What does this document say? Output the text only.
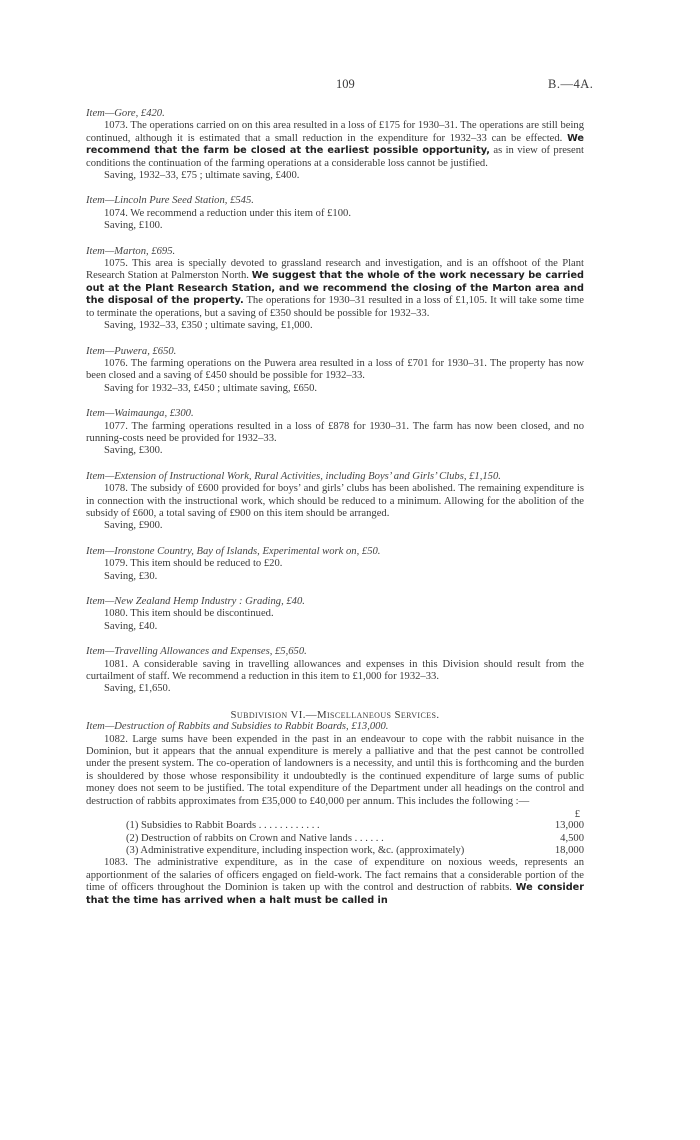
109	B.—4A.

Item—Gore, £420.

1073. The operations carried on on this area resulted in a loss of £175 for 1930–31. The operations are still being continued, although it is estimated that a small reduction in the expenditure for 1932–33 can be effected. We recommend that the farm be closed at the earliest possible opportunity, as in view of present conditions the continuation of the farming operations at a considerable loss cannot be justified.

Saving, 1932–33, £75 ; ultimate saving, £400.

Item—Lincoln Pure Seed Station, £545.

1074. We recommend a reduction under this item of £100.

Saving, £100.

Item—Marton, £695.

1075. This area is specially devoted to grassland research and investigation, and is an offshoot of the Plant Research Station at Palmerston North. We suggest that the whole of the work necessary be carried out at the Plant Research Station, and we recommend the closing of the Marton area and the disposal of the property. The operations for 1930–31 resulted in a loss of £1,105. It will take some time to terminate the operations, but a saving of £350 should be possible for 1932–33.

Saving, 1932–33, £350 ; ultimate saving, £1,000.

Item—Puwera, £650.

1076. The farming operations on the Puwera area resulted in a loss of £701 for 1930–31. The property has now been closed and a saving of £450 should be possible for 1932–33.

Saving for 1932–33, £450 ; ultimate saving, £650.

Item—Waimaunga, £300.

1077. The farming operations resulted in a loss of £878 for 1930–31. The farm has now been closed, and no running-costs need be provided for 1932–33.

Saving, £300.

Item—Extension of Instructional Work, Rural Activities, including Boys’ and Girls’ Clubs, £1,150.

1078. The subsidy of £600 provided for boys’ and girls’ clubs has been abolished. The remaining expenditure is in connection with the instructional work, which should be reduced to a minimum. Allowing for the abolition of the subsidy of £600, a total saving of £900 on this item should be arranged.

Saving, £900.

Item—Ironstone Country, Bay of Islands, Experimental work on, £50.

1079. This item should be reduced to £20.

Saving, £30.

Item—New Zealand Hemp Industry : Grading, £40.

1080. This item should be discontinued.

Saving, £40.

Item—Travelling Allowances and Expenses, £5,650.

1081. A considerable saving in travelling allowances and expenses in this Division should result from the curtailment of staff. We recommend a reduction in this item to £1,000 for 1932–33.

Saving, £1,650.

Subdivision VI.—Miscellaneous Services.

Item—Destruction of Rabbits and Subsidies to Rabbit Boards, £13,000.

1082. Large sums have been expended in the past in an endeavour to cope with the rabbit nuisance in the Dominion, but it appears that the annual expenditure is merely a palliative and that the pest cannot be controlled under the present system. The co-operation of landowners is a necessity, and until this is forthcoming and the burden is shouldered by those whose responsibility it undoubtedly is the continued expenditure of large sums of public money does not seem to be justified. The total expenditure of the Department under all headings on the control and destruction of rabbits approximates from £35,000 to £40,000 per annum. This includes the following :—

£
(1) Subsidies to Rabbit Boards . . . . . . . . . . . .	13,000
(2) Destruction of rabbits on Crown and Native lands . . . . . .	4,500
(3) Administrative expenditure, including inspection work, &c. (approximately)	18,000

1083. The administrative expenditure, as in the case of expenditure on noxious weeds, represents an apportionment of the salaries of officers engaged on field-work. The fact remains that a considerable portion of the time of officers throughout the Dominion is taken up with the control and destruction of rabbits. We consider that the time has arrived when a halt must be called in
